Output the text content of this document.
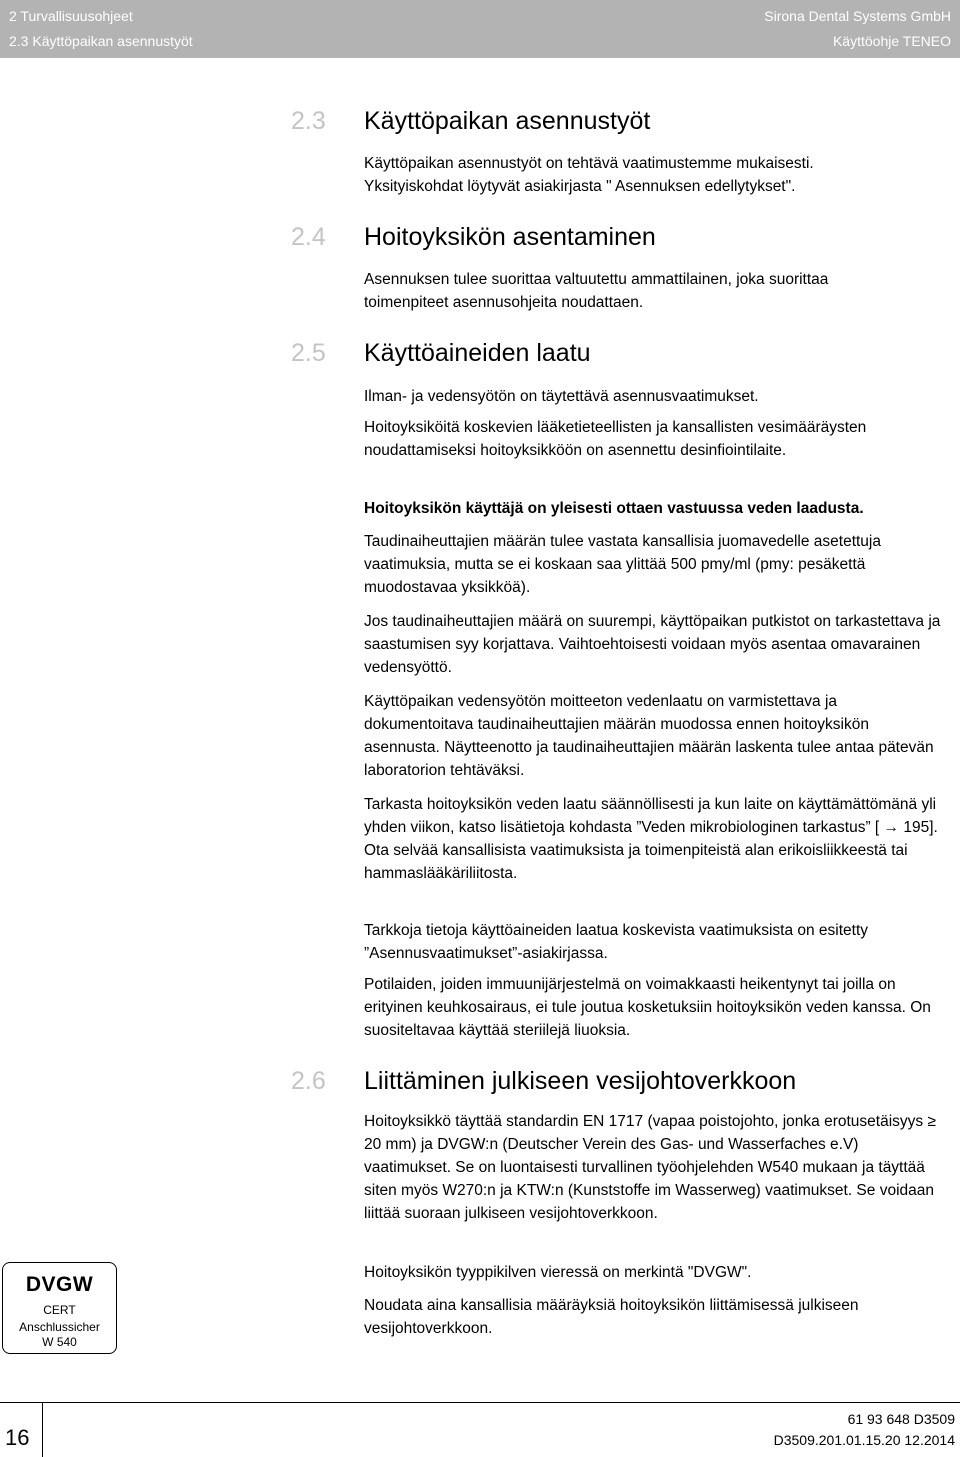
2 Turvallisuusohjeet
2.3 Käyttöpaikan asennustyöt
Sirona Dental Systems GmbH
Käyttöohje TENEO
2.3 Käyttöpaikan asennustyöt

Käyttöpaikan asennustyöt on tehtävä vaatimustemme mukaisesti.

Yksityiskohdat löytyvät asiakirjasta " Asennuksen edellytykset".

2.4 Hoitoyksikön asentaminen

Asennuksen tulee suorittaa valtuutettu ammattilainen, joka suorittaa

toimenpiteet asennusohjeita noudattaen.

2.5 Käyttöaineiden laatu

Ilman- ja vedensyötön on täytettävä asennusvaatimukset.

Hoitoyksiköitä koskevien lääketieteellisten ja kansallisten vesimääräysten noudattamiseksi hoitoyksikköön on asennettu desinfiointilaite.

Hoitoyksikön käyttäjä on yleisesti ottaen vastuussa veden laadusta.

Taudinaiheuttajien määrän tulee vastata kansallisia juomavedelle asetettuja vaatimuksia, mutta se ei koskaan saa ylittää 500 pmy/ml (pmy: pesäkettä muodostavaa yksikköä).

Jos taudinaiheuttajien määrä on suurempi, käyttöpaikan putkistot on tarkastettava ja saastumisen syy korjattava. Vaihtoehtoisesti voidaan myös asentaa omavarainen vedensyöttö.

Käyttöpaikan vedensyötön moitteeton vedenlaatu on varmistettava ja dokumentoitava taudinaiheuttajien määrän muodossa ennen hoitoyksikön asennusta. Näytteenotto ja taudinaiheuttajien määrän laskenta tulee antaa pätevän laboratorion tehtäväksi.

Tarkasta hoitoyksikön veden laatu säännöllisesti ja kun laite on käyttämättömänä yli yhden viikon, katso lisätietoja kohdasta ”Veden mikrobiologinen tarkastus” [ → 195]. Ota selvää kansallisista vaatimuksista ja toimenpiteistä alan erikoisliikkeestä tai hammaslääkäriliitosta.

Tarkkoja tietoja käyttöaineiden laatua koskevista vaatimuksista on esitetty ”Asennusvaatimukset”-asiakirjassa.

Potilaiden, joiden immuunijärjestelmä on voimakkaasti heikentynyt tai joilla on erityinen keuhkosairaus, ei tule joutua kosketuksiin hoitoyksikön veden kanssa. On suositeltavaa käyttää steriilejä liuoksia.

2.6 Liittäminen julkiseen vesijohtoverkkoon

Hoitoyksikkö täyttää standardin EN 1717 (vapaa poistojohto, jonka erotusetäisyys ≥ 20 mm) ja DVGW:n (Deutscher Verein des Gas- und Wasserfaches e.V) vaatimukset. Se on luontaisesti turvallinen työohjelehden W540 mukaan ja täyttää siten myös W270:n ja KTW:n (Kunststoffe im Wasserweg) vaatimukset. Se voidaan liittää suoraan julkiseen vesijohtoverkkoon.

Hoitoyksikön tyyppikilven vieressä on merkintä "DVGW".

Noudata aina kansallisia määräyksiä hoitoyksikön liittämisessä julkiseen vesijohtoverkkoon.

DVGW
CERT
Anschlussicher
W 540
16
61 93 648 D3509
D3509.201.01.15.20 12.2014
